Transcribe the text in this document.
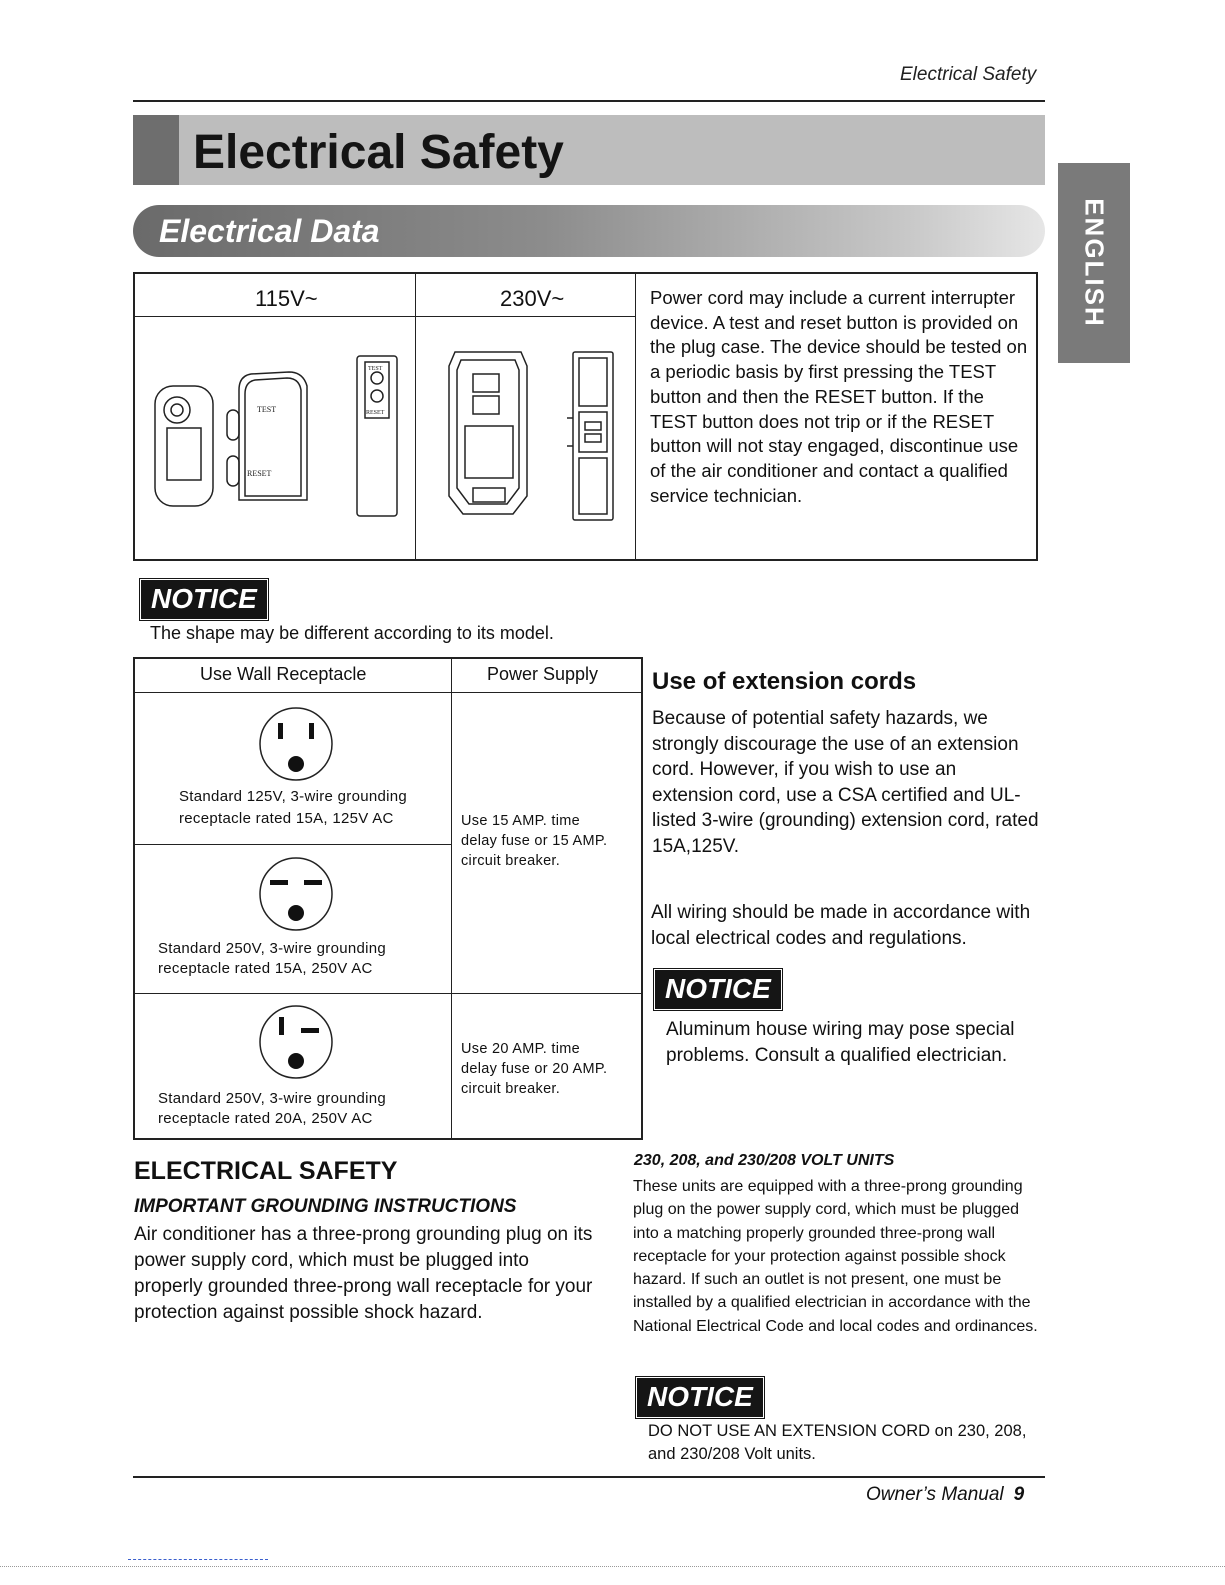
Electrical Safety
Electrical Safety
ENGLISH
Electrical Data
115V~	230V~
TEST
RESET
TEST
RESET
Power cord may include a current interrupter device. A test and reset button is provided on the plug case. The device should be tested on a periodic basis by first pressing the TEST button and then the RESET button. If the TEST button does not trip or if the RESET button will not stay engaged, discontinue use of the air conditioner and contact a qualified service technician.
NOTICE
The shape may be different according to its model.
Use Wall Receptacle	Power Supply
Standard 125V, 3-wire grounding
receptacle rated 15A, 125V AC
Standard 250V, 3-wire grounding
receptacle rated 15A, 250V AC
Standard 250V, 3-wire grounding
receptacle rated 20A, 250V AC
Use 15 AMP. time
delay fuse or 15 AMP.
circuit breaker.
Use 20 AMP. time
delay fuse or 20 AMP.
circuit breaker.
Use of extension cords
Because of potential safety hazards, we strongly discourage the use of an extension cord. However, if you wish to use an extension cord, use a CSA certified and UL-listed 3-wire (grounding) extension cord, rated 15A,125V.
All wiring should be made in accordance with local electrical codes and regulations.
NOTICE
Aluminum house wiring may pose special problems. Consult a qualified electrician.
ELECTRICAL SAFETY
IMPORTANT GROUNDING INSTRUCTIONS
Air conditioner has a three-prong grounding plug on its power supply cord, which must be plugged into properly grounded three-prong wall receptacle for your protection against possible shock hazard.
230, 208, and 230/208 VOLT UNITS
These units are equipped with a three-prong grounding plug on the power supply cord, which must be plugged into a matching properly grounded three-prong wall receptacle for your protection against possible shock hazard. If such an outlet is not present, one must be installed by a qualified electrician in accordance with the National Electrical Code and local codes and ordinances.
NOTICE
DO NOT USE AN EXTENSION CORD on 230, 208, and 230/208 Volt units.
Owner’s Manual 9
